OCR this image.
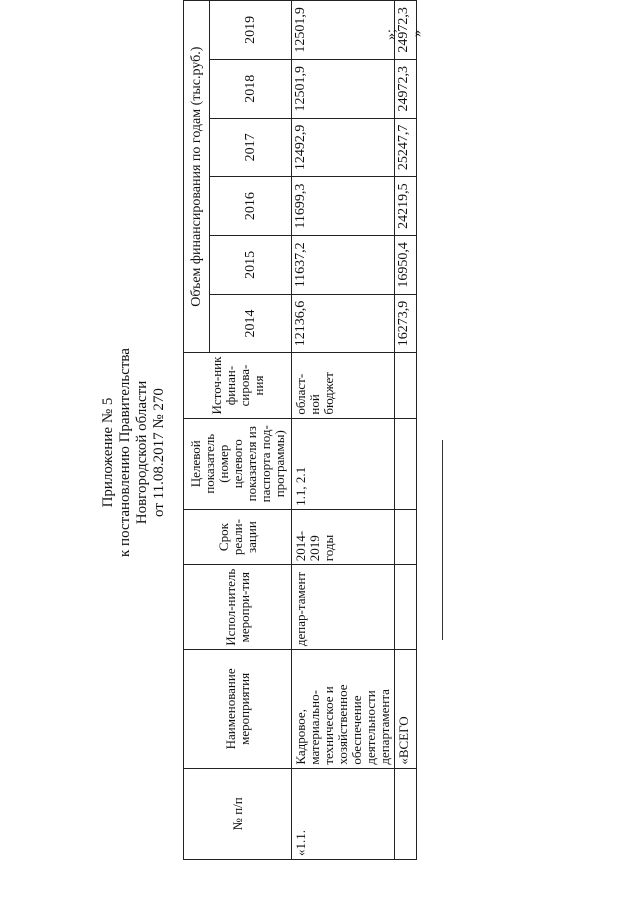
Приложение № 5 к постановлению Правительства Новгородской области от 11.08.2017 № 270
№ п/п	Наименование мероприятия	Испол-нитель меропри-тия	Срок реали-зации	Целевой показатель (номер целевого показателя из паспорта под-программы)	Источ-ник финан-сирова-ния	Объем финансирования по годам (тыс.руб.)					
						2014	2015	2016	2017	2018	2019
«1.1.	Кадровое, материально-техническое и хозяйственное обеспечение деятельности департамента	депар-тамент	2014-2019 годы	1.1, 2.1	област-ной бюджет	12136,6	11637,2	11699,3	12492,9	12501,9	12501,9
	«ВСЕГО					16273,9	16950,4	24219,5	25247,7	24972,3	24972,3
»; »
